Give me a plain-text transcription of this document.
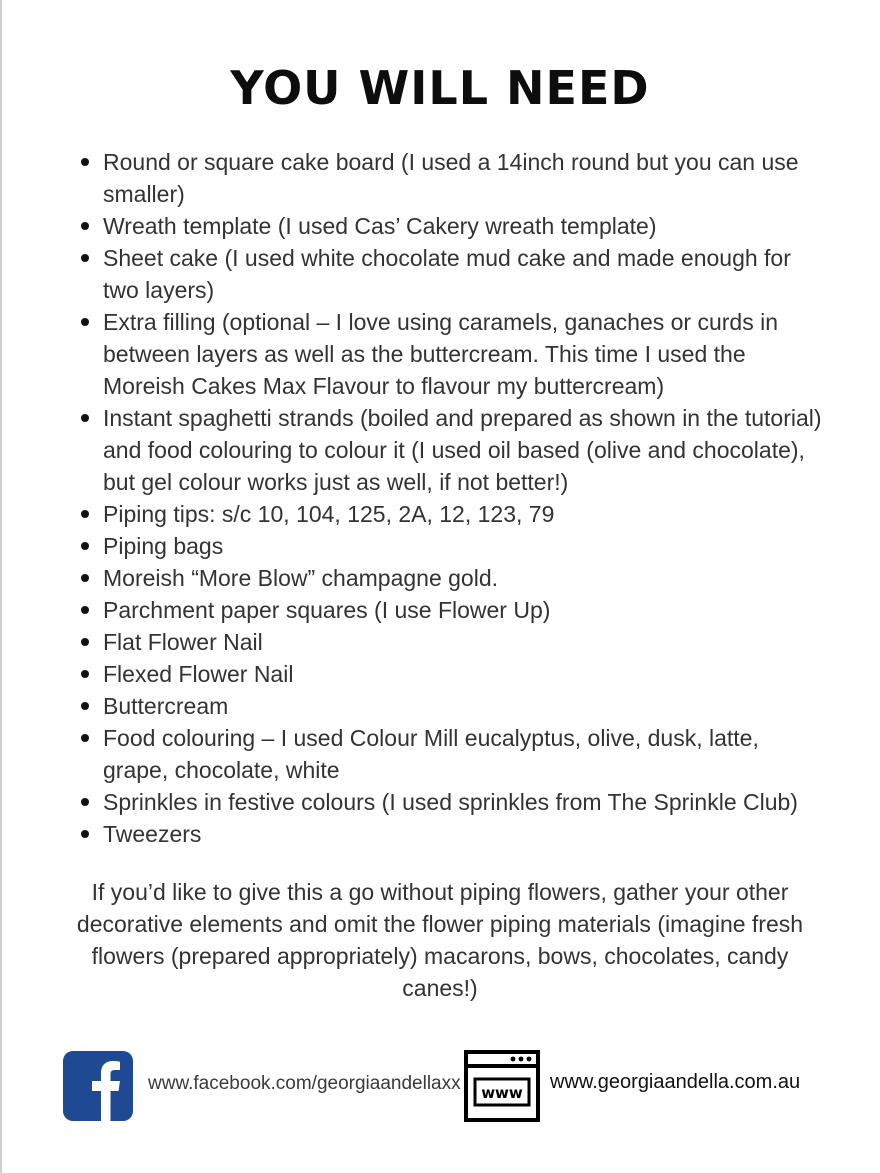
YOU WILL NEED
Round or square cake board (I used a 14inch round but you can use smaller)
Wreath template (I used Cas’ Cakery wreath template)
Sheet cake (I used white chocolate mud cake and made enough for two layers)
Extra filling (optional – I love using caramels, ganaches or curds in between layers as well as the buttercream. This time I used the Moreish Cakes Max Flavour to flavour my buttercream)
Instant spaghetti strands (boiled and prepared as shown in the tutorial) and food colouring to colour it (I used oil based (olive and chocolate), but gel colour works just as well, if not better!)
Piping tips: s/c 10, 104, 125, 2A, 12, 123, 79
Piping bags
Moreish “More Blow” champagne gold.
Parchment paper squares (I use Flower Up)
Flat Flower Nail
Flexed Flower Nail
Buttercream
Food colouring – I used Colour Mill eucalyptus, olive, dusk, latte, grape, chocolate, white
Sprinkles in festive colours (I used sprinkles from The Sprinkle Club)
Tweezers

If you’d like to give this a go without piping flowers, gather your other decorative elements and omit the flower piping materials (imagine fresh flowers (prepared appropriately) macarons, bows, chocolates, candy canes!)

www.facebook.com/georgiaandellaxx www www.georgiaandella.com.au
